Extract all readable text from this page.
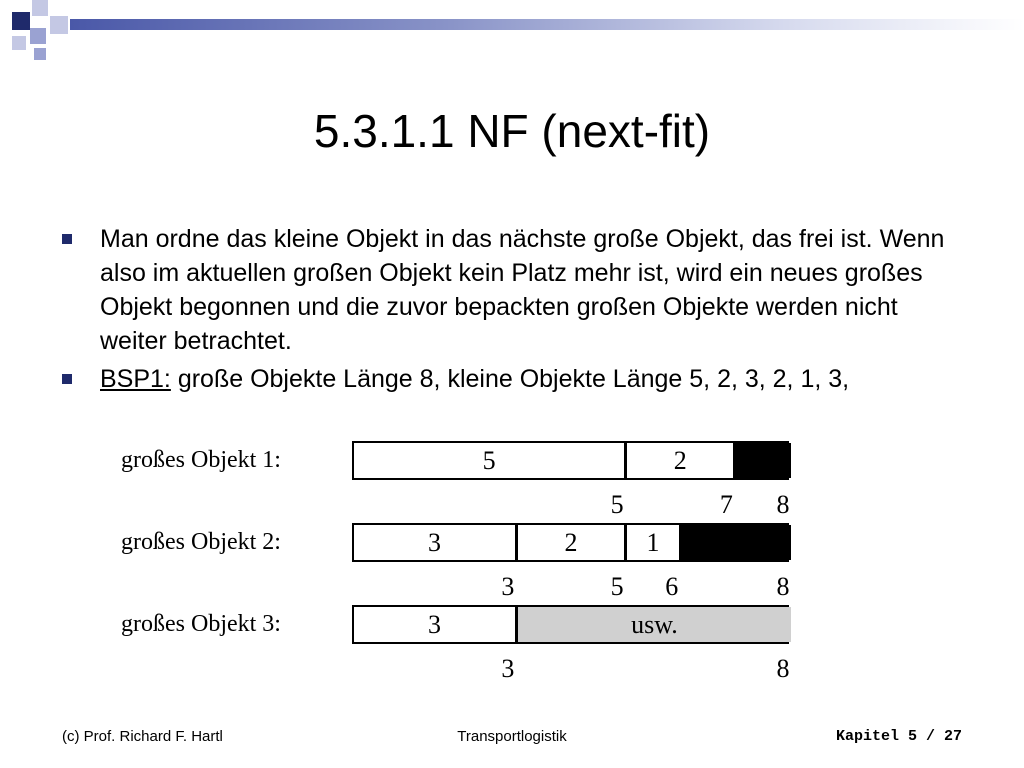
5.3.1.1 NF (next-fit)
Man ordne das kleine Objekt in das nächste große Objekt, das frei ist. Wenn also im aktuellen großen Objekt kein Platz mehr ist, wird ein neues großes Objekt begonnen und die zuvor bepackten großen Objekte werden nicht weiter betrachtet.
BSP1: große Objekte Länge 8, kleine Objekte Länge 5, 2, 3, 2, 1, 3,
großes Objekt 1:	5	2
5	7 8
großes Objekt 2:	3	2	1
3	5 6	8
großes Objekt 3:	3	usw.
3	8
(c) Prof. Richard F. Hartl	Transportlogistik	Kapitel 5 / 27
